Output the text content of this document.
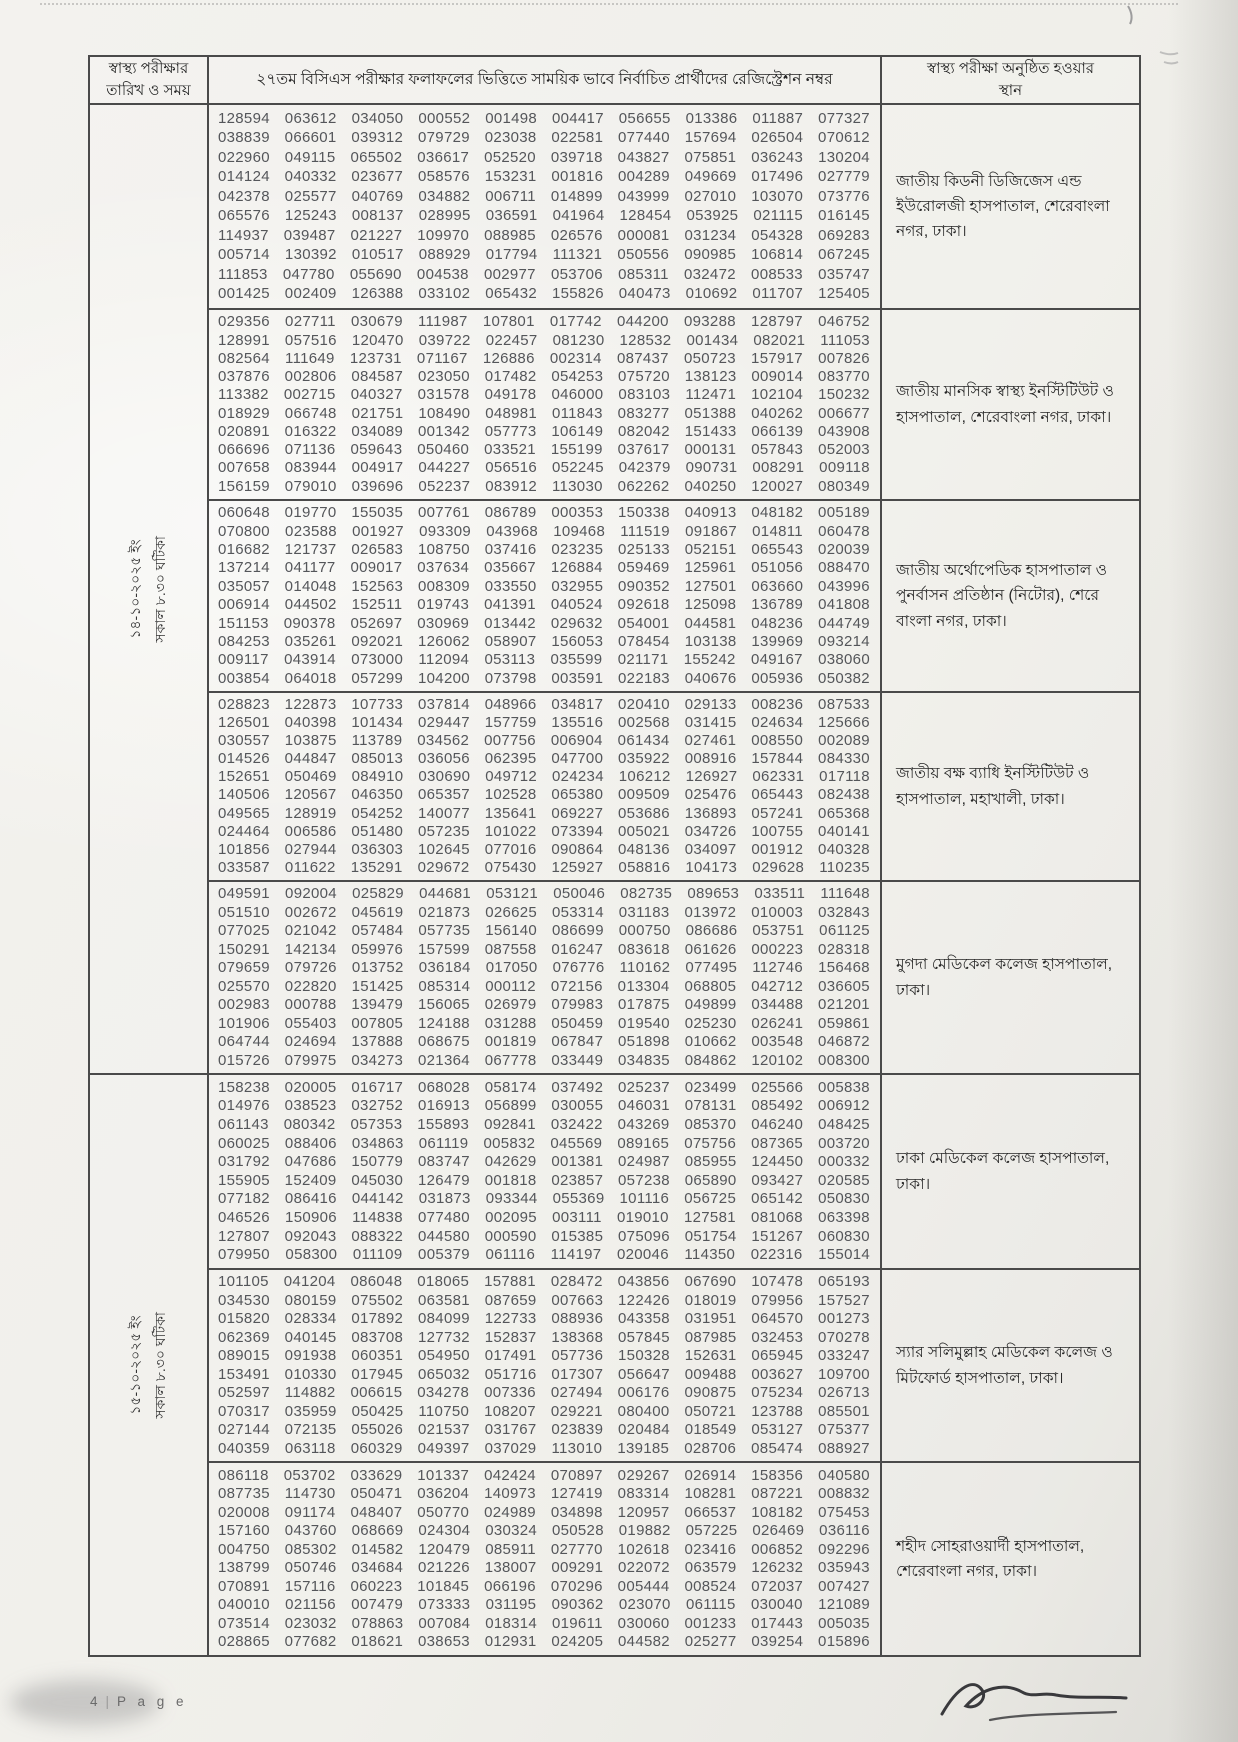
স্বাস্থ্য পরীক্ষার
তারিখ ও সময়
২৭তম বিসিএস পরীক্ষার ফলাফলের ভিত্তিতে সাময়িক ভাবে নির্বাচিত প্রার্থীদের রেজিস্ট্রেশন নম্বর
স্বাস্থ্য পরীক্ষা অনুষ্ঠিত হওয়ার
স্থান
১৪-১০-২০২৫ ইং সকাল ৮.৩০ ঘটিকা
১৫-১০-২০২৫ ইং সকাল ৮.৩০ ঘটিকা
128594 063612 034050 000552 001498 004417 056655 013386 011887 077327
038839 066601 039312 079729 023038 022581 077440 157694 026504 070612
022960 049115 065502 036617 052520 039718 043827 075851 036243 130204
014124 040332 023677 058576 153231 001816 004289 049669 017496 027779
042378 025577 040769 034882 006711 014899 043999 027010 103070 073776
065576 125243 008137 028995 036591 041964 128454 053925 021115 016145
114937 039487 021227 109970 088985 026576 000081 031234 054328 069283
005714 130392 010517 088929 017794 111321 050556 090985 106814 067245
111853 047780 055690 004538 002977 053706 085311 032472 008533 035747
001425 002409 126388 033102 065432 155826 040473 010692 011707 125405
জাতীয় কিডনী ডিজিজেস এন্ড ইউরোলজী হাসপাতাল, শেরেবাংলা নগর, ঢাকা।
029356 027711 030679 111987 107801 017742 044200 093288 128797 046752
128991 057516 120470 039722 022457 081230 128532 001434 082021 111053
082564 111649 123731 071167 126886 002314 087437 050723 157917 007826
037876 002806 084587 023050 017482 054253 075720 138123 009014 083770
113382 002715 040327 031578 049178 046000 083103 112471 102104 150232
018929 066748 021751 108490 048981 011843 083277 051388 040262 006677
020891 016322 034089 001342 057773 106149 082042 151433 066139 043908
066696 071136 059643 050460 033521 155199 037617 000131 057843 052003
007658 083944 004917 044227 056516 052245 042379 090731 008291 009118
156159 079010 039696 052237 083912 113030 062262 040250 120027 080349
জাতীয় মানসিক স্বাস্থ্য ইনস্টিটিউট ও হাসপাতাল, শেরেবাংলা নগর, ঢাকা।
060648 019770 155035 007761 086789 000353 150338 040913 048182 005189
070800 023588 001927 093309 043968 109468 111519 091867 014811 060478
016682 121737 026583 108750 037416 023235 025133 052151 065543 020039
137214 041177 009017 037634 035667 126884 059469 125961 051056 088470
035057 014048 152563 008309 033550 032955 090352 127501 063660 043996
006914 044502 152511 019743 041391 040524 092618 125098 136789 041808
151153 090378 052697 030969 013442 029632 054001 044581 048236 044749
084253 035261 092021 126062 058907 156053 078454 103138 139969 093214
009117 043914 073000 112094 053113 035599 021171 155242 049167 038060
003854 064018 057299 104200 073798 003591 022183 040676 005936 050382
জাতীয় অর্থোপেডিক হাসপাতাল ও পুনর্বাসন প্রতিষ্ঠান (নিটোর), শেরে বাংলা নগর, ঢাকা।
028823 122873 107733 037814 048966 034817 020410 029133 008236 087533
126501 040398 101434 029447 157759 135516 002568 031415 024634 125666
030557 103875 113789 034562 007756 006904 061434 027461 008550 002089
014526 044847 085013 036056 062395 047700 035922 008916 157844 084330
152651 050469 084910 030690 049712 024234 106212 126927 062331 017118
140506 120567 046350 065357 102528 065380 009509 025476 065443 082438
049565 128919 054252 140077 135641 069227 053686 136893 057241 065368
024464 006586 051480 057235 101022 073394 005021 034726 100755 040141
101856 027944 036303 102645 077016 090864 048136 034097 001912 040328
033587 011622 135291 029672 075430 125927 058816 104173 029628 110235
জাতীয় বক্ষ ব্যাধি ইনস্টিটিউট ও হাসপাতাল, মহাখালী, ঢাকা।
049591 092004 025829 044681 053121 050046 082735 089653 033511 111648
051510 002672 045619 021873 026625 053314 031183 013972 010003 032843
077025 021042 057484 057735 156140 086699 000750 086686 053751 061125
150291 142134 059976 157599 087558 016247 083618 061626 000223 028318
079659 079726 013752 036184 017050 076776 110162 077495 112746 156468
025570 022820 151425 085314 000112 072156 013304 068805 042712 036605
002983 000788 139479 156065 026979 079983 017875 049899 034488 021201
101906 055403 007805 124188 031288 050459 019540 025230 026241 059861
064744 024694 137888 068675 001819 067847 051898 010662 003548 046872
015726 079975 034273 021364 067778 033449 034835 084862 120102 008300
মুগদা মেডিকেল কলেজ হাসপাতাল, ঢাকা।
158238 020005 016717 068028 058174 037492 025237 023499 025566 005838
014976 038523 032752 016913 056899 030055 046031 078131 085492 006912
061143 080342 057353 155893 092841 032422 043269 085370 046240 048425
060025 088406 034863 061119 005832 045569 089165 075756 087365 003720
031792 047686 150779 083747 042629 001381 024987 085955 124450 000332
155905 152409 045030 126479 001818 023857 057238 065890 093427 020585
077182 086416 044142 031873 093344 055369 101116 056725 065142 050830
046526 150906 114838 077480 002095 003111 019010 127581 081068 063398
127807 092043 088322 044580 000590 015385 075096 051754 151267 060830
079950 058300 011109 005379 061116 114197 020046 114350 022316 155014
ঢাকা মেডিকেল কলেজ হাসপাতাল, ঢাকা।
101105 041204 086048 018065 157881 028472 043856 067690 107478 065193
034530 080159 075502 063581 087659 007663 122426 018019 079956 157527
015820 028334 017892 084099 122733 088936 043358 031951 064570 001273
062369 040145 083708 127732 152837 138368 057845 087985 032453 070278
089015 091938 060351 054950 017491 057736 150328 152631 065945 033247
153491 010330 017945 065032 051716 017307 056647 009488 003627 109700
052597 114882 006615 034278 007336 027494 006176 090875 075234 026713
070317 035959 050425 110750 108207 029221 080400 050721 123788 085501
027144 072135 055026 021537 031767 023839 020484 018549 053127 075377
040359 063118 060329 049397 037029 113010 139185 028706 085474 088927
স্যার সলিমুল্লাহ মেডিকেল কলেজ ও মিটফোর্ড হাসপাতাল, ঢাকা।
086118 053702 033629 101337 042424 070897 029267 026914 158356 040580
087735 114730 050471 036204 140973 127419 083314 108281 087221 008832
020008 091174 048407 050770 024989 034898 120957 066537 108182 075453
157160 043760 068669 024304 030324 050528 019882 057225 026469 036116
004750 085302 014582 120479 085911 027770 102618 023416 006852 092296
138799 050746 034684 021226 138007 009291 022072 063579 126232 035943
070891 157116 060223 101845 066196 070296 005444 008524 072037 007427
040010 021156 007479 073333 031195 090362 023070 061115 030040 121089
073514 023032 078863 007084 018314 019611 030060 001233 017443 005035
028865 077682 018621 038653 012931 024205 044582 025277 039254 015896
শহীদ সোহরাওয়ার্দী হাসপাতাল, শেরেবাংলা নগর, ঢাকা।
4 | P a g e
